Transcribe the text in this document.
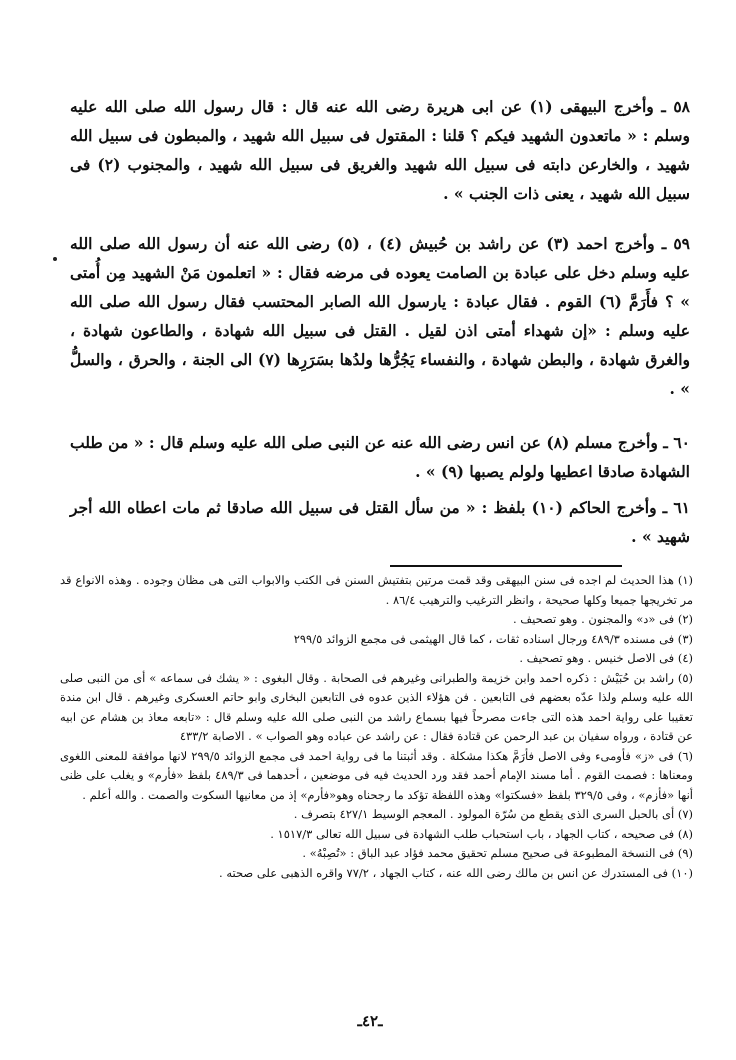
٥٨ ـ وأخرج البيهقى (١) عن ابى هريرة رضى الله عنه قال : قال رسول الله صلى الله عليه وسلم : « ماتعدون الشهيد فيكم ؟ قلنا : المقتول فى سبيل الله شهيد ، والمبطون فى سبيل الله شهيد ، والخارعن دابته فى سبيل الله شهيد والغريق فى سبيل الله شهيد ، والمجنوب (٢) فى سبيل الله شهيد ، يعنى ذات الجنب » .

٥٩ ـ وأخرج احمد (٣) عن راشد بن حُبيش (٤) ، (٥) رضى الله عنه أن رسول الله صلى الله عليه وسلم دخل على عبادة بن الصامت يعوده فى مرضه فقال : « اتعلمون مَنْ الشهيد مِن أُمتى » ؟ فأَرَمَّ (٦) القوم . فقال عبادة : يارسول الله الصابر المحتسب فقال رسول الله صلى الله عليه وسلم : «إن شهداء أمتى اذن لقيل . القتل فى سبيل الله شهادة ، والطاعون شهادة ، والغرق شهادة ، والبطن شهادة ، والنفساء يَجُرُّها ولدُها بسَرَرِها (٧) الى الجنة ، والحرق ، والسلُّ » .

٦٠ ـ وأخرج مسلم (٨) عن انس رضى الله عنه عن النبى صلى الله عليه وسلم قال : « من طلب الشهادة صادقا اعطيها ولولم يصبها (٩) » .

٦١ ـ وأخرج الحاكم (١٠) بلفظ : « من سأل القتل فى سبيل الله صادقا ثم مات اعطاه الله أجر شهيد » .

(١) هذا الحديث لم اجده فى سنن البيهقى وقد قمت مرتين بتفتيش السنن فى الكتب والابواب التى هى مظان وجوده . وهذه الانواع قد مر تخريجها جميعا وكلها صحيحة ، وانظر الترغيب والترهيب ٨٦/٤ .

(٢) فى «د» والمجنون . وهو تصحيف .

(٣) فى مسنده ٤٨٩/٣ ورجال اسناده ثقات ، كما قال الهيثمى فى مجمع الزوائد ٢٩٩/٥

(٤) فى الاصل خنيس . وهو تصحيف .

(٥) راشد بن حُبَيْش : ذكره احمد وابن خزيمة والطبرانى وغيرهم فى الصحابة . وقال البغوى : « يشك فى سماعه » أى من النبى صلى الله عليه وسلم ولذا عدّه بعضهم فى التابعين . فن هؤلاء الذين عدوه فى التابعين البخارى وابو حاتم العسكرى وغيرهم . قال ابن مندة تعقيبا على رواية احمد هذه التى جاءت مصرحاً فيها بسماع راشد من النبى صلى الله عليه وسلم قال : «تابعه معاذ بن هشام عن ابيه عن قتادة ، ورواه سفيان بن عبد الرحمن عن قتادة فقال : عن راشد عن عباده وهو الصواب » . الاصابة ٤٣٣/٢

(٦) فى «ز» فأومىء وفى الاصل فأرَمَّ هكذا مشكلة . وقد أثبتنا ما فى رواية احمد فى مجمع الزوائد ٢٩٩/٥ لانها موافقة للمعنى اللغوى ومعناها : فصمت القوم . أما مسند الإمام أحمد فقد ورد الحديث فيه فى موضعين ، أحدهما فى ٤٨٩/٣ بلفظ «فأرم» و يغلب على ظنى أنها «فأزم» ، وفى ٣٢٩/٥ بلفظ «فسكتوا» وهذه اللفظة تؤكد ما رجحناه وهو«فأرم» إذ من معانيها السكوت والصمت . والله أعلم .

(٧) أى بالحبل السرى الذى يقطع من سُرّة المولود . المعجم الوسيط ٤٢٧/١ بتصرف .

(٨) فى صحيحه ، كتاب الجهاد ، باب استحباب طلب الشهادة فى سبيل الله تعالى ١٥١٧/٣ .

(٩) فى النسخة المطبوعة فى صحيح مسلم تحقيق محمد فؤاد عبد الباق : «تُصِبْهُ» .

(١٠) فى المستدرك عن انس بن مالك رضى الله عنه ، كتاب الجهاد ، ٧٧/٢ واقره الذهبى على صحته .

ـ٤٢ـ
